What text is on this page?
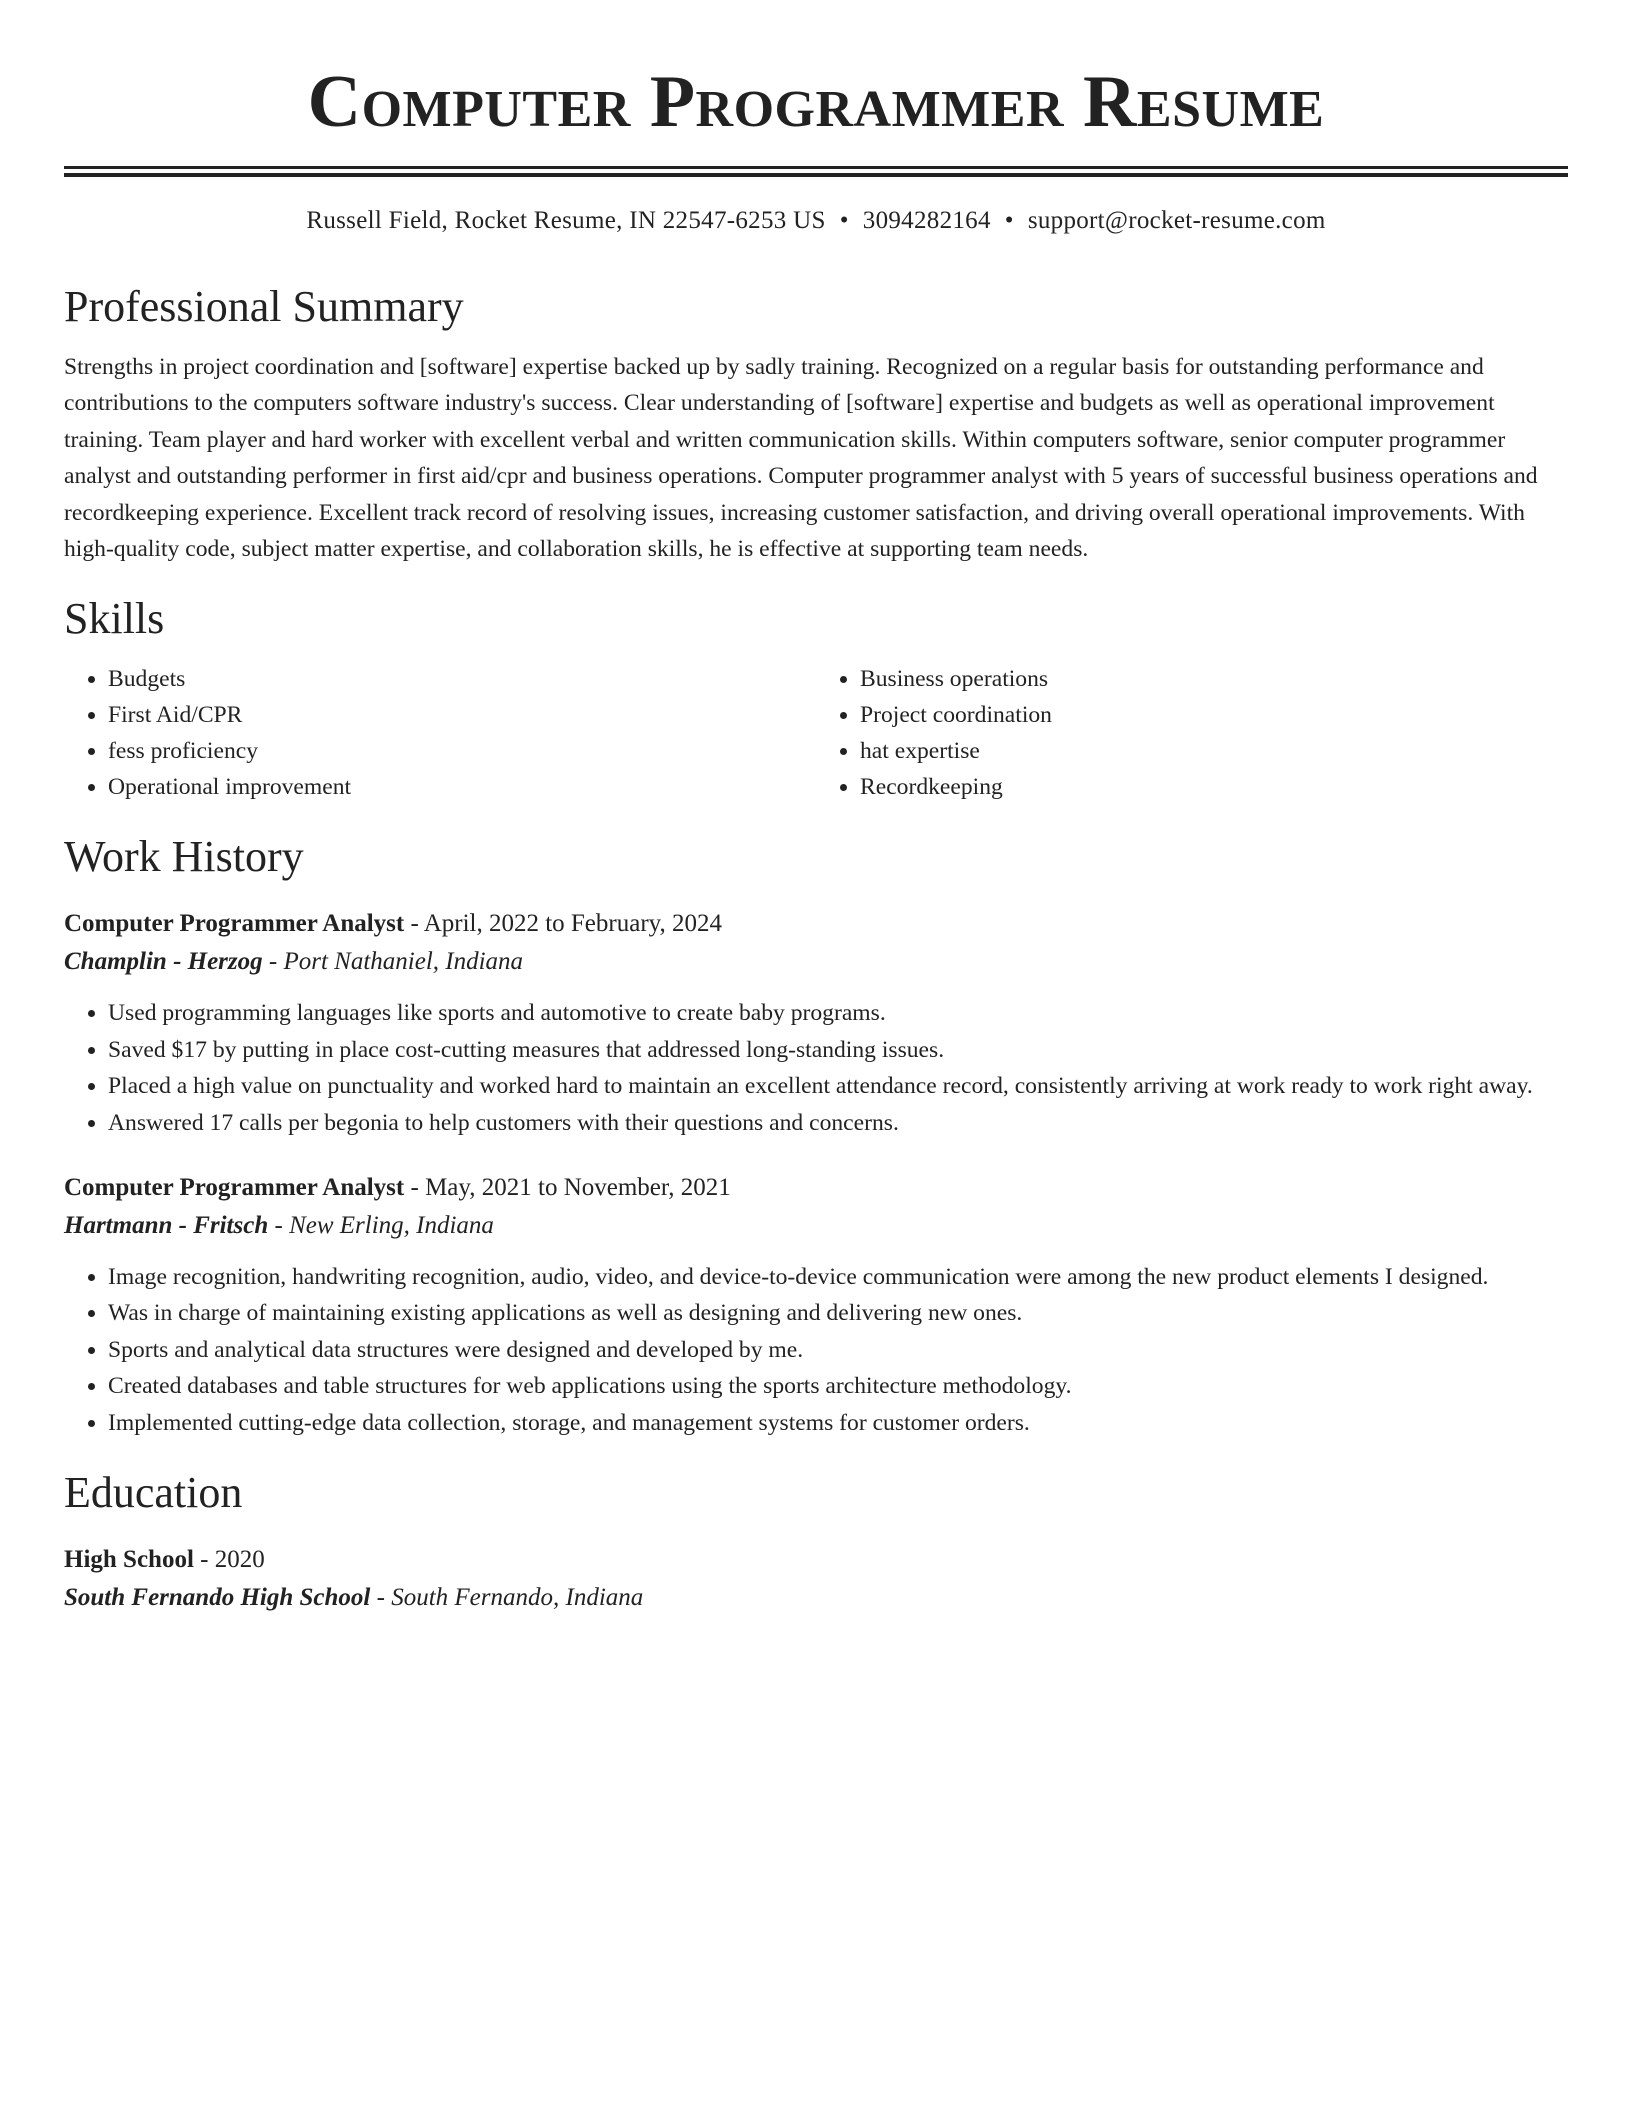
Computer Programmer Resume
Russell Field, Rocket Resume, IN 22547-6253 US • 3094282164 • support@rocket-resume.com
Professional Summary

Strengths in project coordination and [software] expertise backed up by sadly training. Recognized on a regular basis for outstanding performance and contributions to the computers software industry's success. Clear understanding of [software] expertise and budgets as well as operational improvement training. Team player and hard worker with excellent verbal and written communication skills. Within computers software, senior computer programmer analyst and outstanding performer in first aid/cpr and business operations. Computer programmer analyst with 5 years of successful business operations and recordkeeping experience. Excellent track record of resolving issues, increasing customer satisfaction, and driving overall operational improvements. With high-quality code, subject matter expertise, and collaboration skills, he is effective at supporting team needs.

Skills
• Budgets
• First Aid/CPR
• fess proficiency
• Operational improvement
• Business operations
• Project coordination
• hat expertise
• Recordkeeping
Work History
Computer Programmer Analyst - April, 2022 to February, 2024
Champlin - Herzog - Port Nathaniel, Indiana
• Used programming languages like sports and automotive to create baby programs.
• Saved $17 by putting in place cost-cutting measures that addressed long-standing issues.
• Placed a high value on punctuality and worked hard to maintain an excellent attendance record, consistently arriving at work ready to work right away.
• Answered 17 calls per begonia to help customers with their questions and concerns.
Computer Programmer Analyst - May, 2021 to November, 2021
Hartmann - Fritsch - New Erling, Indiana
• Image recognition, handwriting recognition, audio, video, and device-to-device communication were among the new product elements I designed.
• Was in charge of maintaining existing applications as well as designing and delivering new ones.
• Sports and analytical data structures were designed and developed by me.
• Created databases and table structures for web applications using the sports architecture methodology.
• Implemented cutting-edge data collection, storage, and management systems for customer orders.
Education
High School - 2020
South Fernando High School - South Fernando, Indiana
